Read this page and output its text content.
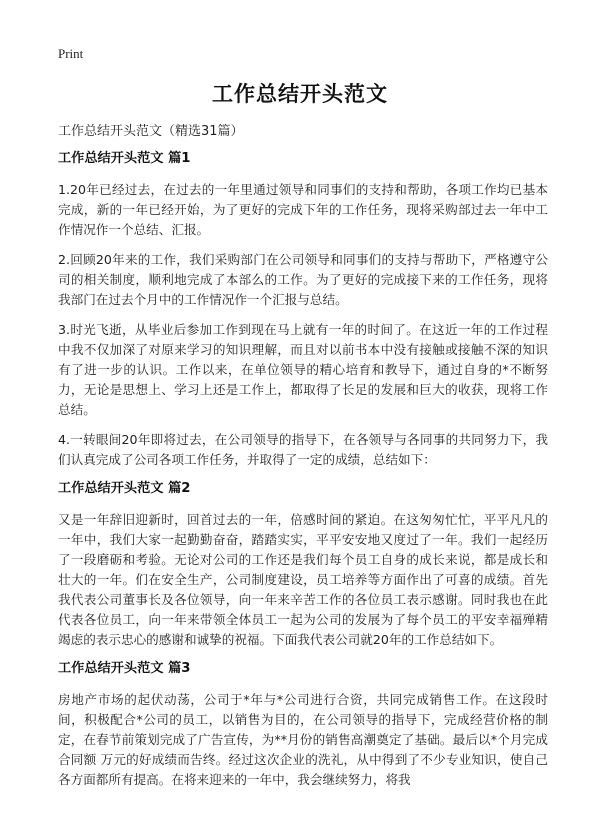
Print
工作总结开头范文
工作总结开头范文（精选31篇）
工作总结开头范文 篇1

1.20年已经过去，在过去的一年里通过领导和同事们的支持和帮助，各项工作均已基本完成，新的一年已经开始，为了更好的完成下年的工作任务，现将采购部过去一年中工作情况作一个总结、汇报。

2.回顾20年来的工作，我们采购部门在公司领导和同事们的支持与帮助下，严格遵守公司的相关制度，顺利地完成了本部么的工作。为了更好的完成接下来的工作任务，现将我部门在过去个月中的工作情况作一个汇报与总结。

3.时光飞逝，从毕业后参加工作到现在马上就有一年的时间了。在这近一年的工作过程中我不仅加深了对原来学习的知识理解，而且对以前书本中没有接触或接触不深的知识有了进一步的认识。工作以来，在单位领导的精心培育和教导下，通过自身的*不断努力，无论是思想上、学习上还是工作上，都取得了长足的发展和巨大的收获，现将工作总结。

4.一转眼间20年即将过去，在公司领导的指导下，在各领导与各同事的共同努力下，我们认真完成了公司各项工作任务，并取得了一定的成绩，总结如下：

工作总结开头范文 篇2

又是一年辞旧迎新时，回首过去的一年，倍感时间的紧迫。在这匆匆忙忙，平平凡凡的一年中，我们大家一起勤勤奋奋，踏踏实实，平平安安地又度过了一年。我们一起经历了一段磨砺和考验。无论对公司的工作还是我们每个员工自身的成长来说，都是成长和壮大的一年。们在安全生产，公司制度建设，员工培养等方面作出了可喜的成绩。首先我代表公司董事长及各位领导，向一年来辛苦工作的各位员工表示感谢。同时我也在此代表各位员工，向一年来带领全体员工一起为公司的发展为了每个员工的平安幸福殚精竭虑的表示忠心的感谢和诚挚的祝福。下面我代表公司就20年的工作总结如下。

工作总结开头范文 篇3

房地产市场的起伏动荡，公司于*年与*公司进行合资，共同完成销售工作。在这段时间，积极配合*公司的员工，以销售为目的，在公司领导的指导下，完成经营价格的制定，在春节前策划完成了广告宣传，为**月份的销售高潮奠定了基础。最后以*个月完成合同额 万元的好成绩而告终。经过这次企业的洗礼，从中得到了不少专业知识，使自己各方面都所有提高。在将来迎来的一年中，我会继续努力，将我
